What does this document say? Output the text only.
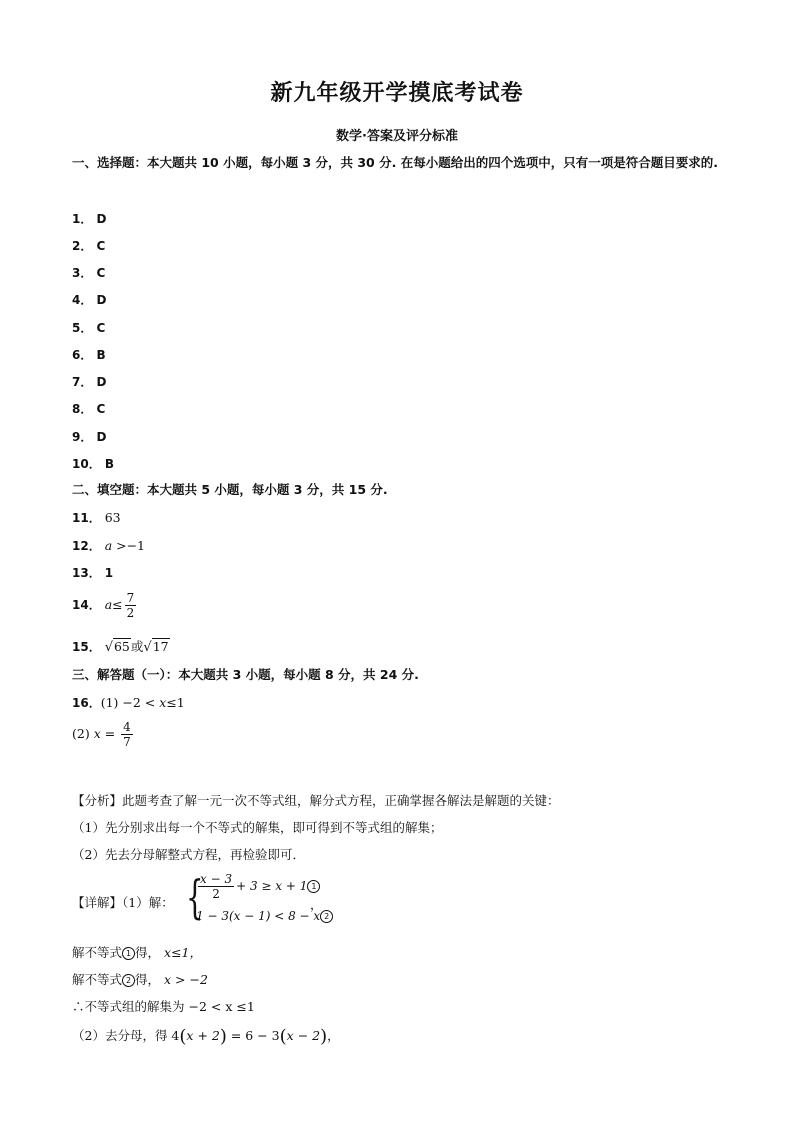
新九年级开学摸底考试卷
数学·答案及评分标准
一、选择题：本大题共 10 小题，每小题 3 分，共 30 分. 在每小题给出的四个选项中，只有一项是符合题目要求的.
1． D
2． C
3． C
4． D
5． C
6． B
7． D
8． C
9． D
10． B
二、填空题：本大题共 5 小题，每小题 3 分，共 15 分.
11． 63
12． a >−1
13． 1
14． $a\le \frac{7}{2}$
15． √65或√17
三、解答题（一）：本大题共 3 小题，每小题 8 分，共 24 分.
16．(1) −2 < x≤1
(2) $x = \frac{4}{7}$
【分析】此题考查了解一元一次不等式组，解分式方程，正确掌握各解法是解题的关键：
（1）先分别求出每一个不等式的解集，即可得到不等式组的解集；
（2）先去分母解整式方程，再检验即可．
【详解】（1）解： {
$\frac{x - 3}{2} + 3 \ge x + 1$ 1
1 − 3(x − 1) < 8 − x 2
，
解不等式 1 得， x≤1，
解不等式 2 得， x > −2
∴不等式组的解集为 −2 < x ≤1
（2）去分母，得 4(x + 2) = 6 − 3(x − 2)，
